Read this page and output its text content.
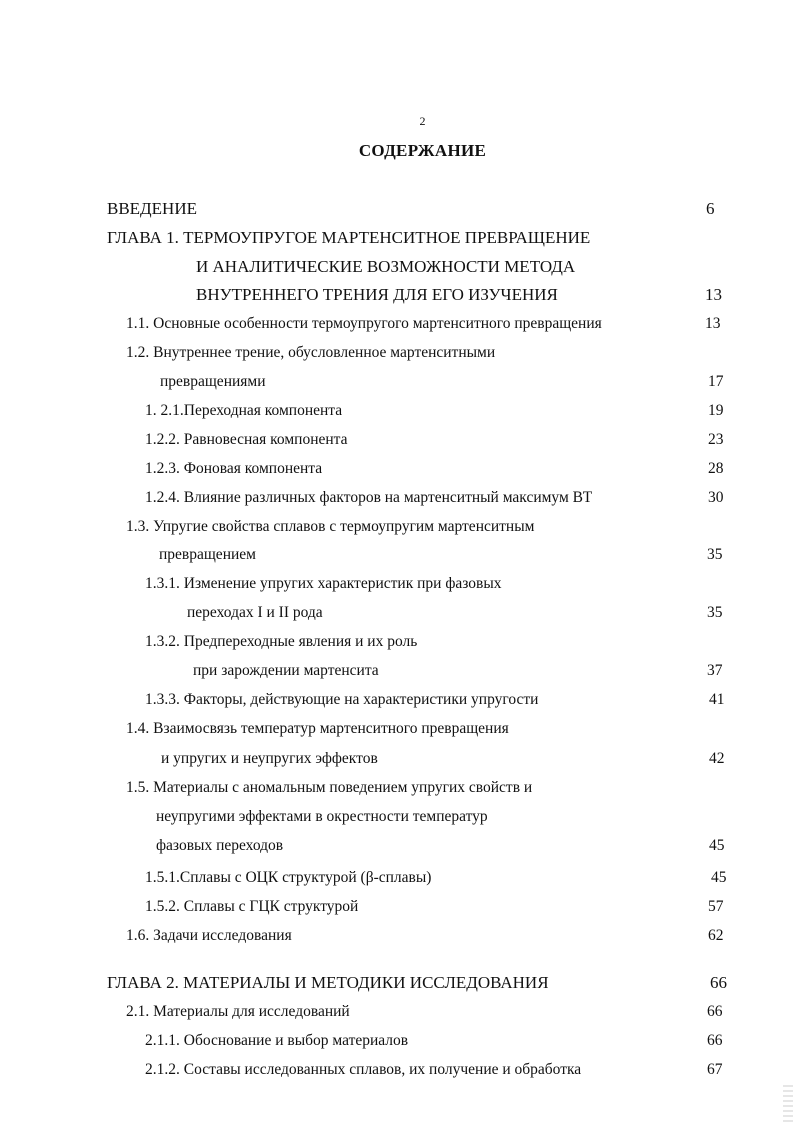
2
СОДЕРЖАНИЕ
ВВЕДЕНИЕ	6
ГЛАВА 1. ТЕРМОУПРУГОЕ МАРТЕНСИТНОЕ ПРЕВРАЩЕНИЕ
И АНАЛИТИЧЕСКИЕ ВОЗМОЖНОСТИ МЕТОДА
ВНУТРЕННЕГО ТРЕНИЯ ДЛЯ ЕГО ИЗУЧЕНИЯ	13
1.1. Основные особенности термоупругого мартенситного превращения	13
1.2. Внутреннее трение, обусловленное мартенситными
превращениями	17
1. 2.1.Переходная компонента	19
1.2.2. Равновесная компонента	23
1.2.3. Фоновая компонента	28
1.2.4. Влияние различных факторов на мартенситный максимум ВТ	30
1.3. Упругие свойства сплавов с термоупругим мартенситным
превращением	35
1.3.1. Изменение упругих характеристик при фазовых
переходах I и II рода	35
1.3.2. Предпереходные явления и их роль
при зарождении мартенсита	37
1.3.3. Факторы, действующие на характеристики упругости	41
1.4. Взаимосвязь температур мартенситного превращения
и упругих и неупругих эффектов	42
1.5. Материалы с аномальным поведением упругих свойств и
неупругими эффектами в окрестности температур
фазовых переходов	45
1.5.1.Сплавы с ОЦК структурой (β-сплавы)	45
1.5.2. Сплавы с ГЦК структурой	57
1.6. Задачи исследования	62
ГЛАВА 2. МАТЕРИАЛЫ И МЕТОДИКИ ИССЛЕДОВАНИЯ	66
2.1. Материалы для исследований	66
2.1.1. Обоснование и выбор материалов	66
2.1.2. Составы исследованных сплавов, их получение и обработка	67
